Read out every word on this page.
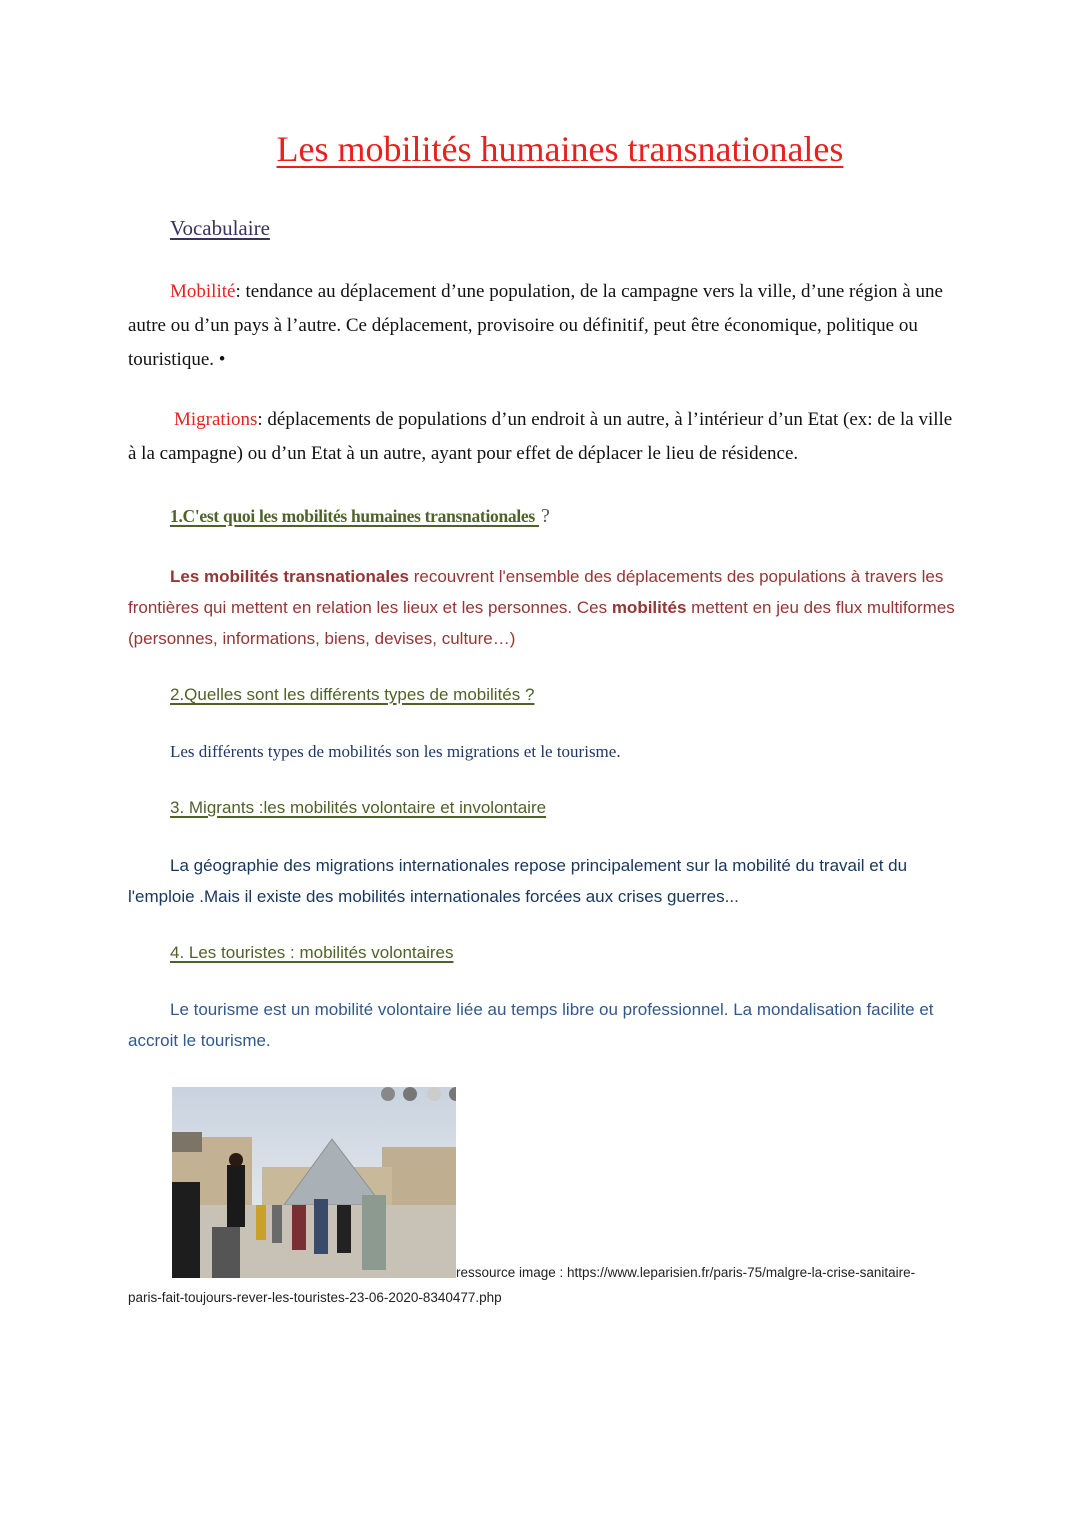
Les mobilités humaines transnationales
Vocabulaire
Mobilité: tendance au déplacement d’une population, de la campagne vers la ville, d’une région à une autre ou d’un pays à l’autre. Ce déplacement, provisoire ou définitif, peut être économique, politique ou touristique. •
Migrations: déplacements de populations d’un endroit à un autre, à l’intérieur d’un Etat (ex: de la ville à la campagne) ou d’un Etat à un autre, ayant pour effet de déplacer le lieu de résidence.
1.C'est quoi les mobilités humaines transnationales ?
Les mobilités transnationales recouvrent l'ensemble des déplacements des populations à travers les frontières qui mettent en relation les lieux et les personnes. Ces mobilités mettent en jeu des flux multiformes (personnes, informations, biens, devises, culture…)
2.Quelles sont les différents types de mobilités ?
Les différents types de mobilités son les migrations et le tourisme.
3. Migrants :les mobilités volontaire et involontaire
La géographie des migrations internationales repose principalement sur la mobilité du travail et du l'emploie .Mais il existe des mobilités internationales forcées aux crises guerres...
4. Les touristes : mobilités volontaires
Le tourisme est un mobilité volontaire liée au temps libre ou professionnel. La mondalisation facilite et accroit le tourisme.
ressource image : https://www.leparisien.fr/paris-75/malgre-la-crise-sanitaire-
paris-fait-toujours-rever-les-touristes-23-06-2020-8340477.php
